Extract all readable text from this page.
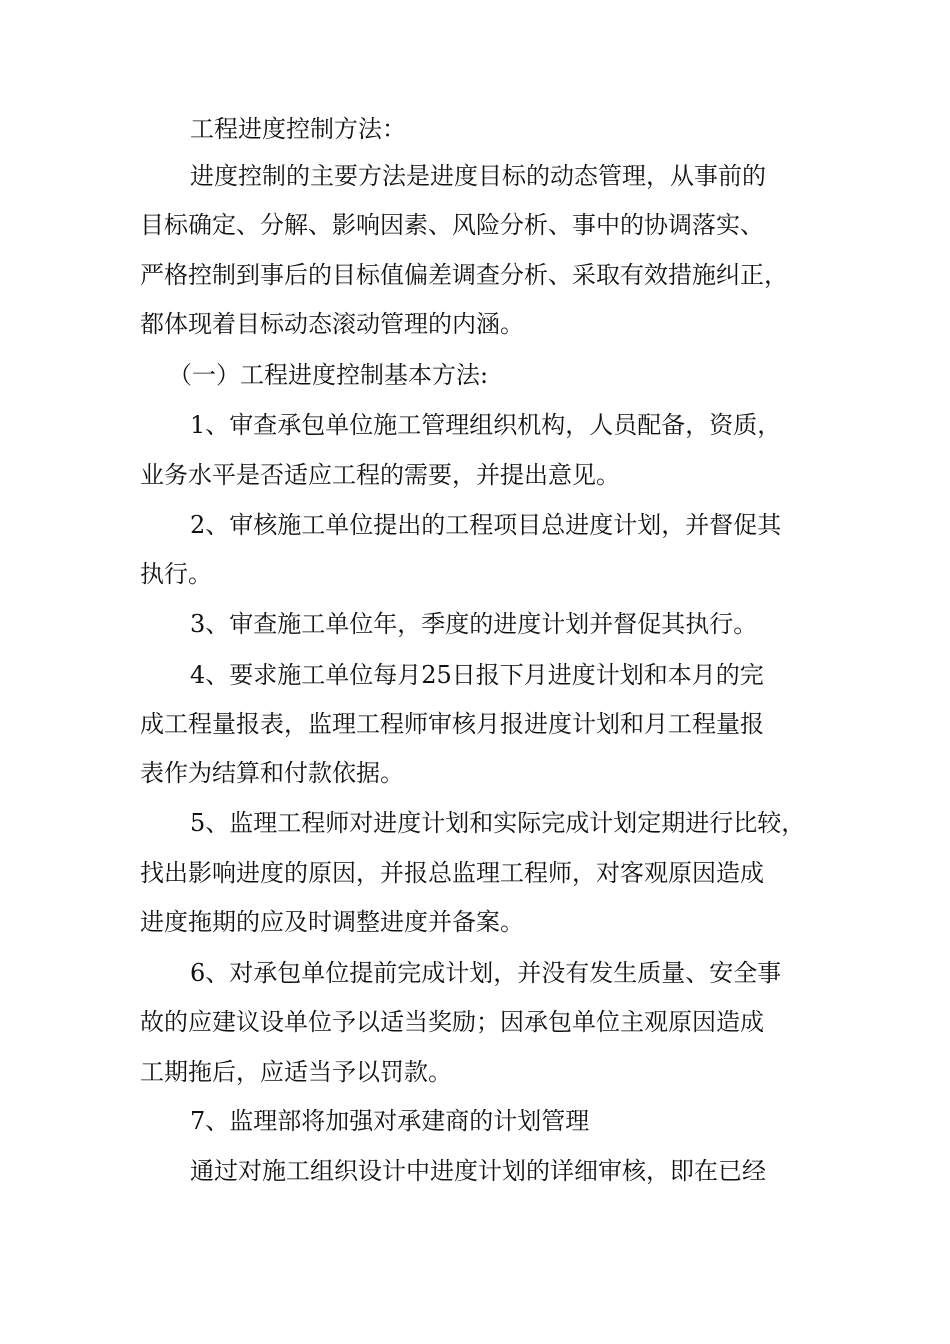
工程进度控制方法：

进度控制的主要方法是进度目标的动态管理，从事前的

目标确定、分解、影响因素、风险分析、事中的协调落实、

严格控制到事后的目标值偏差调查分析、采取有效措施纠正，

都体现着目标动态滚动管理的内涵。

（一）工程进度控制基本方法:

1、审查承包单位施工管理组织机构，人员配备，资质，

业务水平是否适应工程的需要，并提出意见。

2、审核施工单位提出的工程项目总进度计划，并督促其

执行。

3、审查施工单位年，季度的进度计划并督促其执行。

4、要求施工单位每月25日报下月进度计划和本月的完

成工程量报表，监理工程师审核月报进度计划和月工程量报

表作为结算和付款依据。

5、监理工程师对进度计划和实际完成计划定期进行比较，

找出影响进度的原因，并报总监理工程师，对客观原因造成

进度拖期的应及时调整进度并备案。

6、对承包单位提前完成计划，并没有发生质量、安全事

故的应建议设单位予以适当奖励；因承包单位主观原因造成

工期拖后，应适当予以罚款。

7、监理部将加强对承建商的计划管理

通过对施工组织设计中进度计划的详细审核，即在已经
